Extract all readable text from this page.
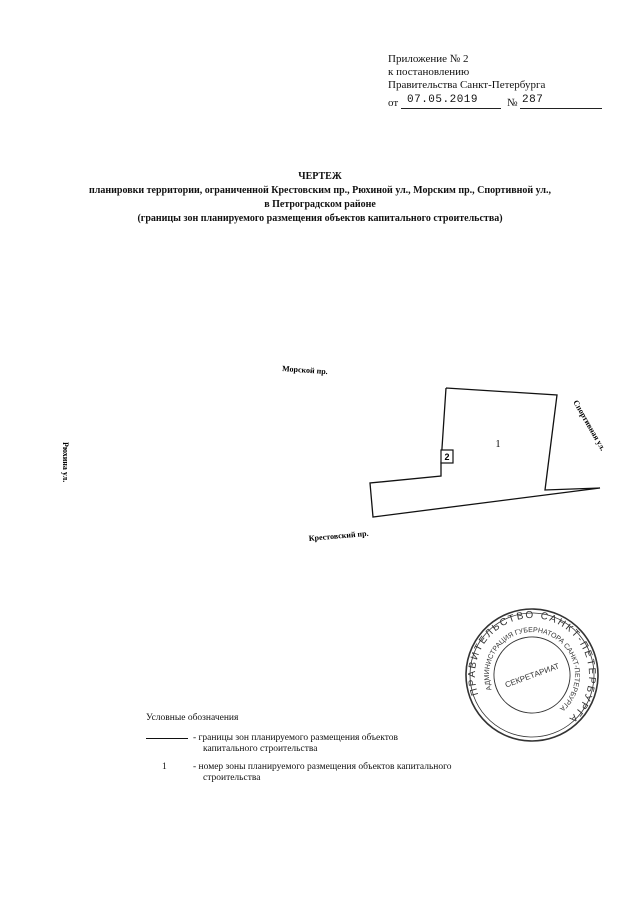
Приложение № 2
к постановлению
Правительства Санкт-Петербурга
от 07.05.2019	№ 287
ЧЕРТЕЖ
планировки территории, ограниченной Крестовским пр., Рюхиной ул., Морским пр., Спортивной ул.,
в Петроградском районе
(границы зон планируемого размещения объектов капитального строительства)
2
1
Морской пр.
Спортивная ул.
Рюхина ул.
Крестовский пр.
ПРАВИТЕЛЬСТВО САНКТ-ПЕТЕРБУРГА
АДМИНИСТРАЦИЯ ГУБЕРНАТОРА САНКТ-ПЕТЕРБУРГА
СЕКРЕТАРИАТ
Условные обозначения
- границы зон планируемого размещения объектов
капитального строительства
1	- номер зоны планируемого размещения объектов капитального
строительства
